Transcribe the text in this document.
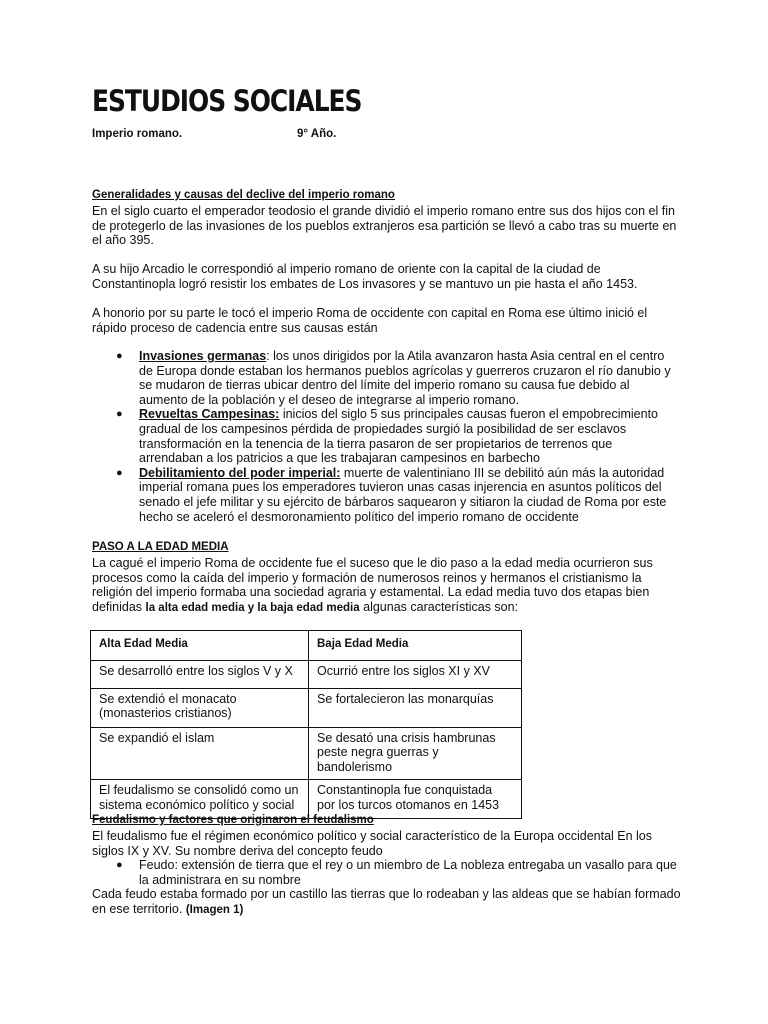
ESTUDIOS SOCIALES
Imperio romano.	9° Año.
Generalidades y causas del declive del imperio romano
En el siglo cuarto el emperador teodosio el grande dividió el imperio romano entre sus dos hijos con el fin de protegerlo de las invasiones de los pueblos extranjeros esa partición se llevó a cabo tras su muerte en el año 395.
A su hijo Arcadio le correspondió al imperio romano de oriente con la capital de la ciudad de Constantinopla logró resistir los embates de Los invasores y se mantuvo un pie hasta el año 1453.
A honorio por su parte le tocó el imperio Roma de occidente con capital en Roma ese último inició el rápido proceso de cadencia entre sus causas están
● Invasiones germanas: los unos dirigidos por la Atila avanzaron hasta Asia central en el centro de Europa donde estaban los hermanos pueblos agrícolas y guerreros cruzaron el río danubio y se mudaron de tierras ubicar dentro del límite del imperio romano su causa fue debido al aumento de la población y el deseo de integrarse al imperio romano.
● Revueltas Campesinas: inicios del siglo 5 sus principales causas fueron el empobrecimiento gradual de los campesinos pérdida de propiedades surgió la posibilidad de ser esclavos transformación en la tenencia de la tierra pasaron de ser propietarios de terrenos que arrendaban a los patricios a que les trabajaran campesinos en barbecho
● Debilitamiento del poder imperial: muerte de valentiniano III se debilitó aún más la autoridad imperial romana pues los emperadores tuvieron unas casas injerencia en asuntos políticos del senado el jefe militar y su ejército de bárbaros saquearon y sitiaron la ciudad de Roma por este hecho se aceleró el desmoronamiento político del imperio romano de occidente
PASO A LA EDAD MEDIA
La cagué el imperio Roma de occidente fue el suceso que le dio paso a la edad media ocurrieron sus procesos como la caída del imperio y formación de numerosos reinos y hermanos el cristianismo la religión del imperio formaba una sociedad agraria y estamental. La edad media tuvo dos etapas bien definidas la alta edad media y la baja edad media algunas características son:
Alta Edad Media	Baja Edad Media
Se desarrolló entre los siglos V y X	Ocurrió entre los siglos XI y XV
Se extendió el monacato (monasterios cristianos)	Se fortalecieron las monarquías
Se expandió el islam	Se desató una crisis hambrunas peste negra guerras y bandolerismo
El feudalismo se consolidó como un sistema económico político y social	Constantinopla fue conquistada por los turcos otomanos en 1453
Feudalismo y factores que originaron el feudalismo
El feudalismo fue el régimen económico político y social característico de la Europa occidental En los siglos IX y XV. Su nombre deriva del concepto feudo
● Feudo: extensión de tierra que el rey o un miembro de La nobleza entregaba un vasallo para que la administrara en su nombre
Cada feudo estaba formado por un castillo las tierras que lo rodeaban y las aldeas que se habían formado en ese territorio. (Imagen 1)
